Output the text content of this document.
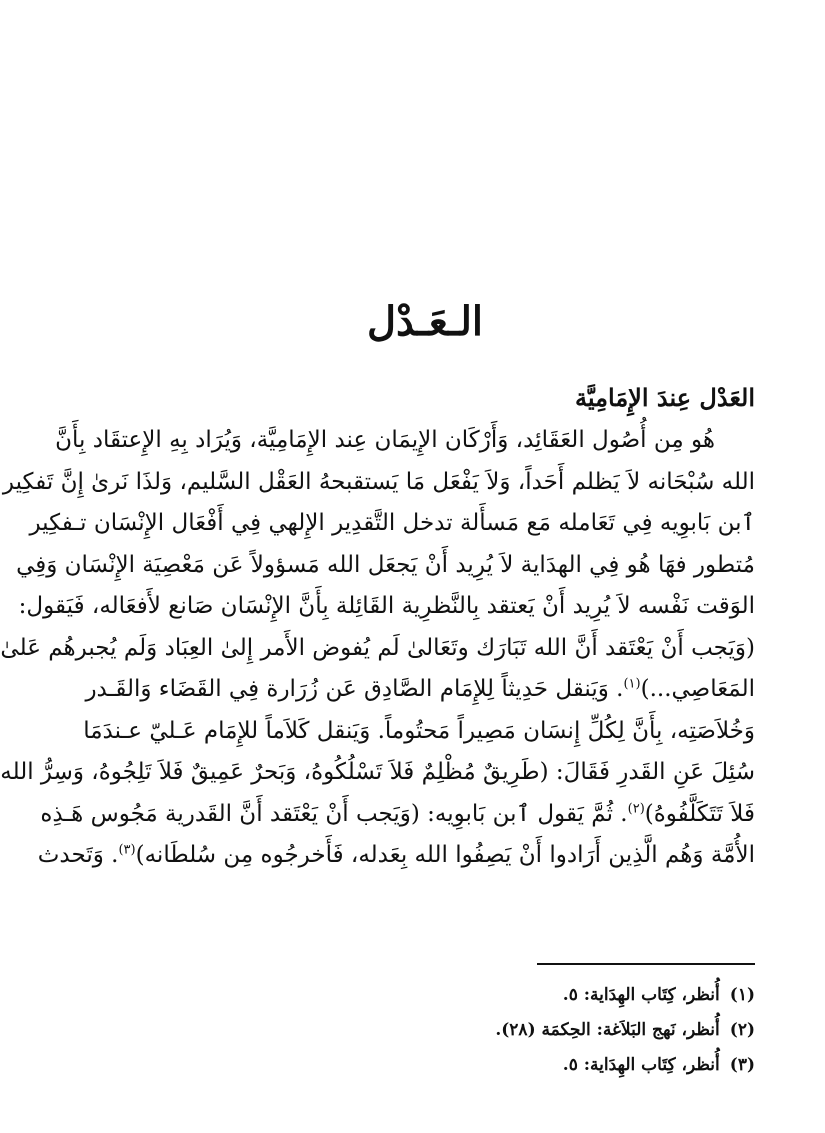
الـعَـدْل
العَدْل عِندَ الإِمَامِيَّة
هُو مِن أُصُول العَقَائِد، وَأَرْكَان الإِيمَان عِند الإِمَامِيَّة، وَيُرَاد بِهِ الإِعتقَاد بِأَنَّ
الله سُبْحَانه لاَ يَظلم أَحَداً، وَلاَ يَفْعَل مَا يَستقبحهُ العَقْل السَّليم، وَلذَا نَرىٰ إِنَّ تَفكِير
ٱبن بَابوِيه فِي تَعَامله مَع مَسأَلة تدخل التَّقدِير الإِلهي فِي أَفْعَال الإِنْسَان تـفكِير
مُتطور فهَا هُو فِي الهدَاية لاَ يُرِيد أَنْ يَجعَل الله مَسؤولاً عَن مَعْصِيَة الإِنْسَان وَفِي
الوَقت نَفْسه لاَ يُرِيد أَنْ يَعتقد بِالنَّظرِية القَائِلة بِأَنَّ الإِنْسَان صَانع لأَفعَاله، فَيَقول:
(وَيَجب أَنْ يَعْتَقد أَنَّ الله تَبَارَك وتَعَالىٰ لَم يُفوض الأَمر إِلىٰ العِبَاد وَلَم يُجبرهُم عَلىٰ
المَعَاصِي...)$^{(١)}$. وَيَنقل حَدِيثاً لِلإِمَام الصَّادِق عَن زُرَارة فِي القَضَاء وَالقَـدر
وَخُلاَصَتِه، بِأَنَّ لِكُلِّ إِنسَان مَصِيراً مَحتُوماً. وَيَنقل كَلاَماً للإِمَام عَـليّ عـندَمَا
سُئِلَ عَنِ القَدرِ فَقَالَ: (طَرِيقٌ مُظْلِمٌ فَلاَ تَسْلُكُوهُ، وَبَحرٌ عَمِيقٌ فَلاَ تَلِجُوهُ، وَسِرُّ الله
فَلاَ تَتَكَلَّفُوهُ)$^{(٢)}$. ثُمَّ يَقول ٱبن بَابوِيه: (وَيَجب أَنْ يَعْتَقد أَنَّ القَدرية مَجُوس هَـذِه
الأُمَّة وَهُم الَّذِين أَرَادوا أَنْ يَصِفُوا الله بِعَدله، فَأَخرجُوه مِن سُلطَانه)$^{(٣)}$. وَتَحدث
(١)أُنظر، كِتَاب الهِدَاية: ٥.
(٢)أُنظر، نَهج البَلاَغة: الحِكمَة (٢٨).
(٣)أُنظر، كِتَاب الهِدَاية: ٥.
